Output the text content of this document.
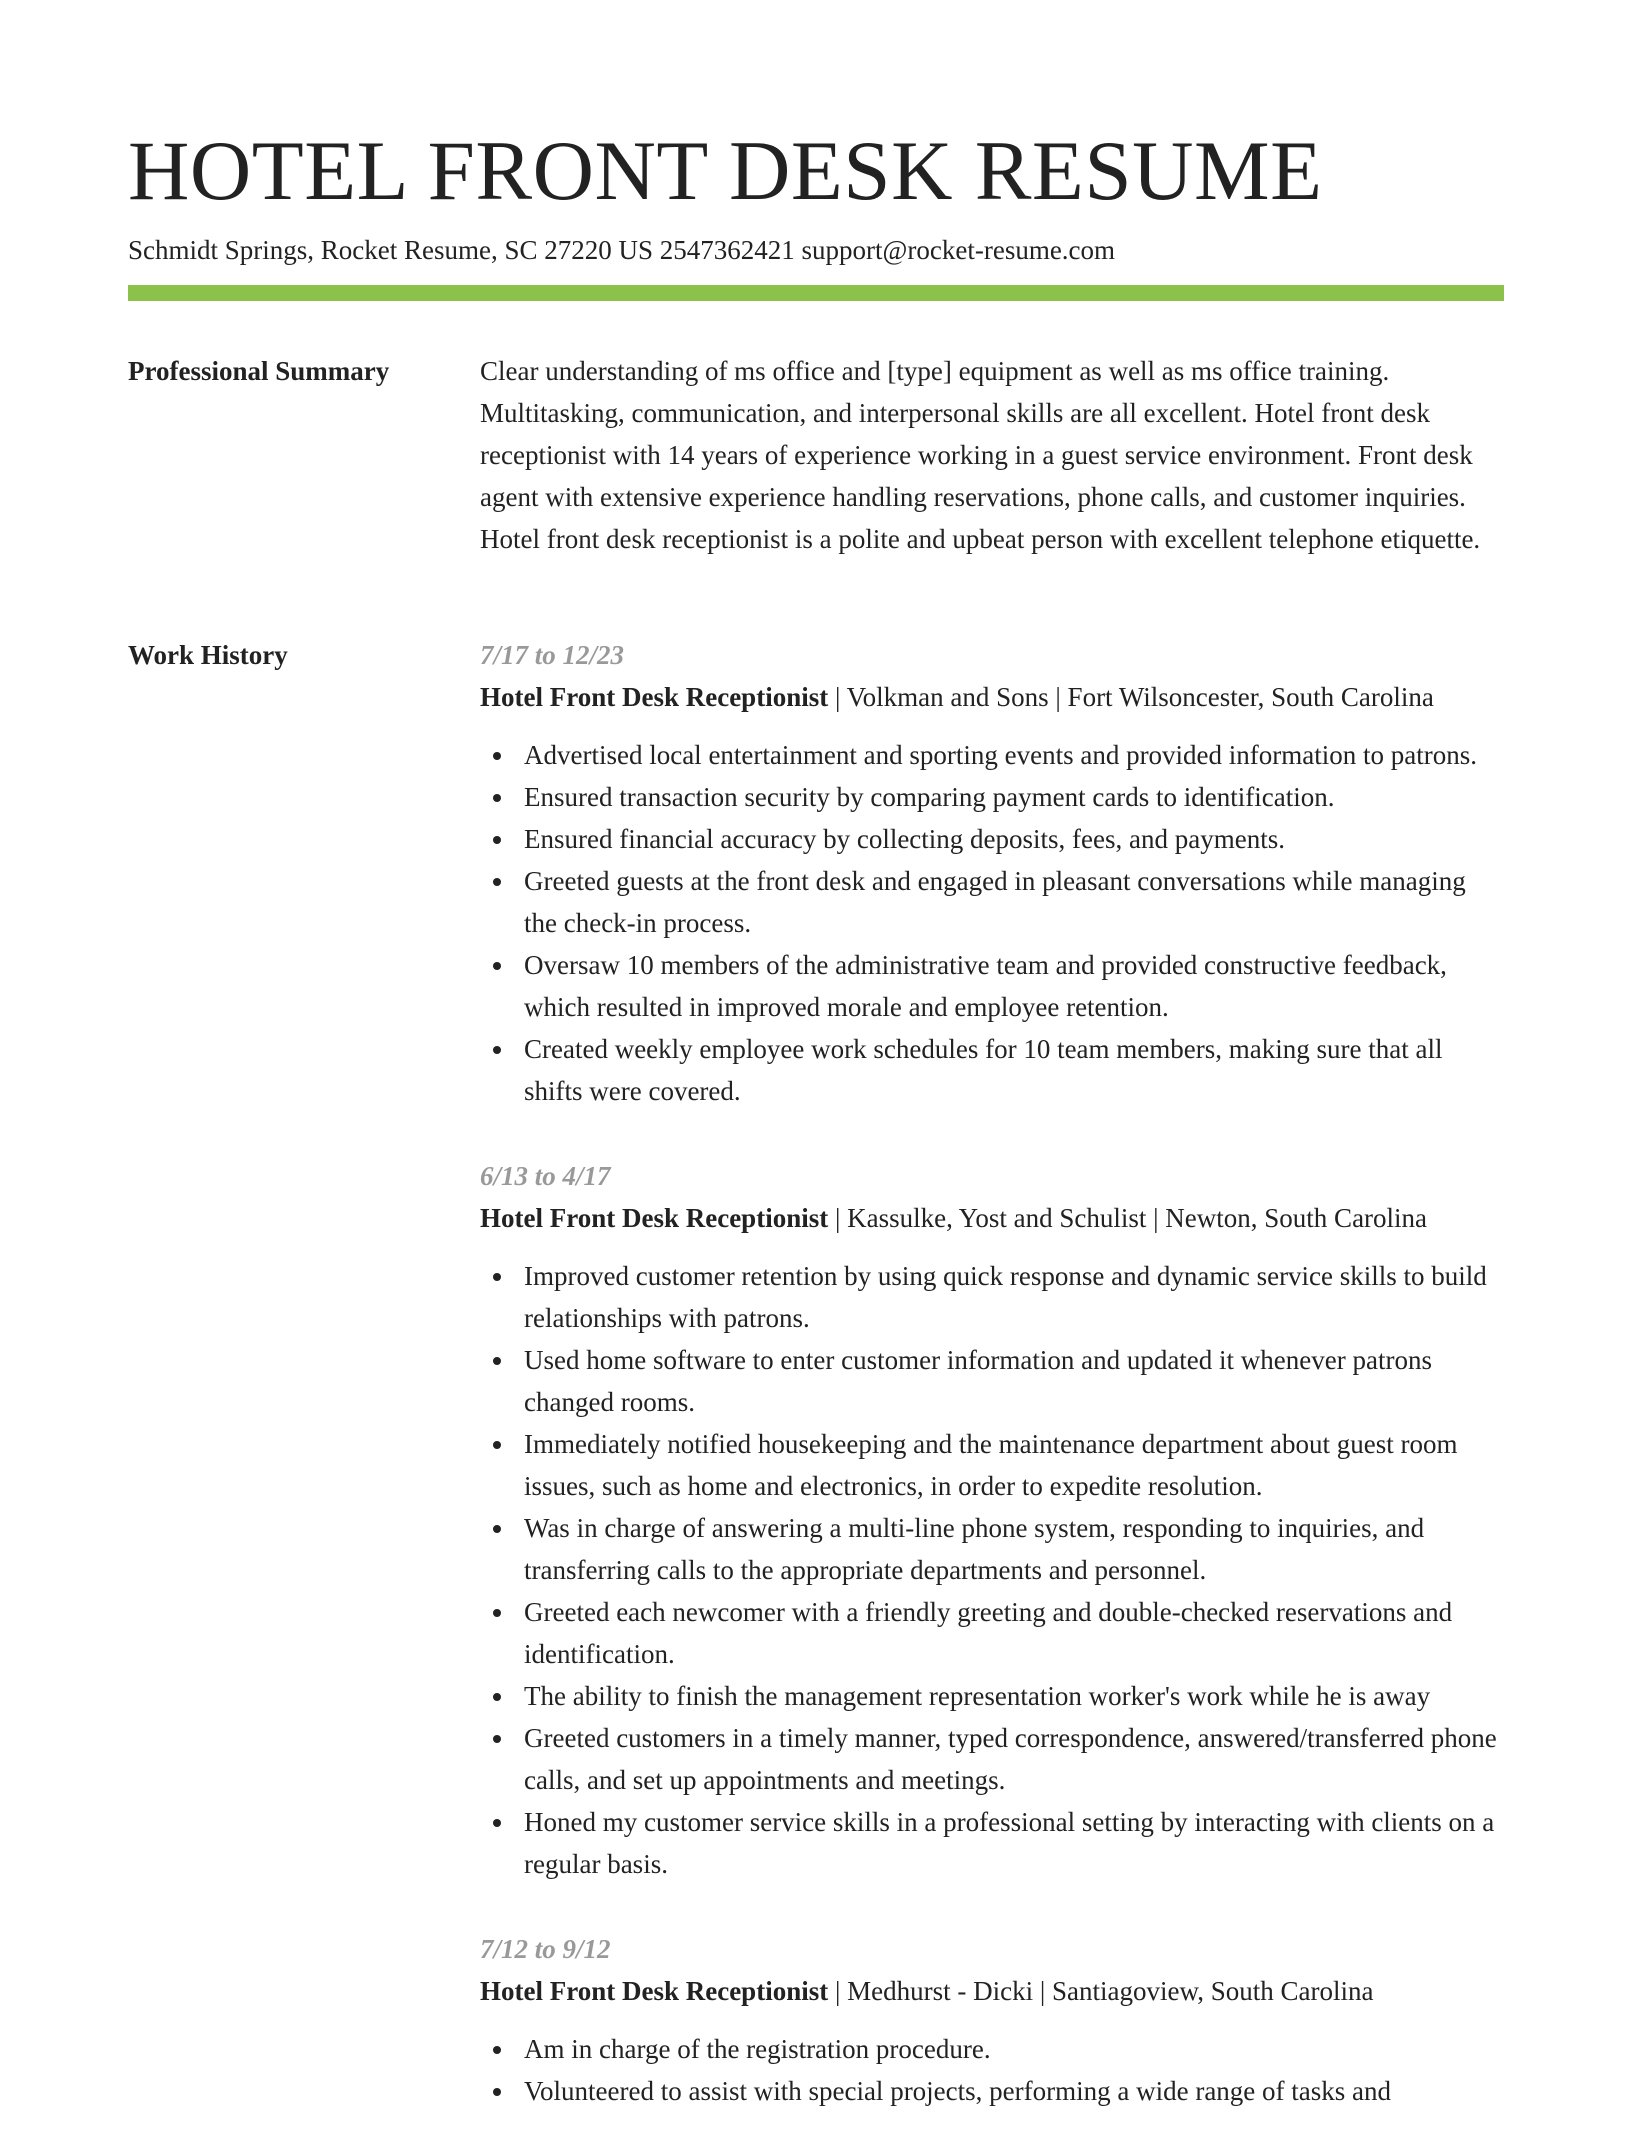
HOTEL FRONT DESK RESUME
Schmidt Springs, Rocket Resume, SC 27220 US 2547362421 support@rocket-resume.com
Professional Summary	Clear understanding of ms office and [type] equipment as well as ms office training. Multitasking, communication, and interpersonal skills are all excellent. Hotel front desk receptionist with 14 years of experience working in a guest service environment. Front desk agent with extensive experience handling reservations, phone calls, and customer inquiries. Hotel front desk receptionist is a polite and upbeat person with excellent telephone etiquette.

Work History	7/17 to 12/23
Hotel Front Desk Receptionist | Volkman and Sons | Fort Wilsoncester, South Carolina
Advertised local entertainment and sporting events and provided information to patrons.
Ensured transaction security by comparing payment cards to identification.
Ensured financial accuracy by collecting deposits, fees, and payments.
Greeted guests at the front desk and engaged in pleasant conversations while managing the check-in process.
Oversaw 10 members of the administrative team and provided constructive feedback, which resulted in improved morale and employee retention.
Created weekly employee work schedules for 10 team members, making sure that all shifts were covered.
6/13 to 4/17
Hotel Front Desk Receptionist | Kassulke, Yost and Schulist | Newton, South Carolina
Improved customer retention by using quick response and dynamic service skills to build relationships with patrons.
Used home software to enter customer information and updated it whenever patrons changed rooms.
Immediately notified housekeeping and the maintenance department about guest room issues, such as home and electronics, in order to expedite resolution.
Was in charge of answering a multi-line phone system, responding to inquiries, and transferring calls to the appropriate departments and personnel.
Greeted each newcomer with a friendly greeting and double-checked reservations and identification.
The ability to finish the management representation worker's work while he is away
Greeted customers in a timely manner, typed correspondence, answered/transferred phone calls, and set up appointments and meetings.
Honed my customer service skills in a professional setting by interacting with clients on a regular basis.
7/12 to 9/12
Hotel Front Desk Receptionist | Medhurst - Dicki | Santiagoview, South Carolina
Am in charge of the registration procedure.
Volunteered to assist with special projects, performing a wide range of tasks and
